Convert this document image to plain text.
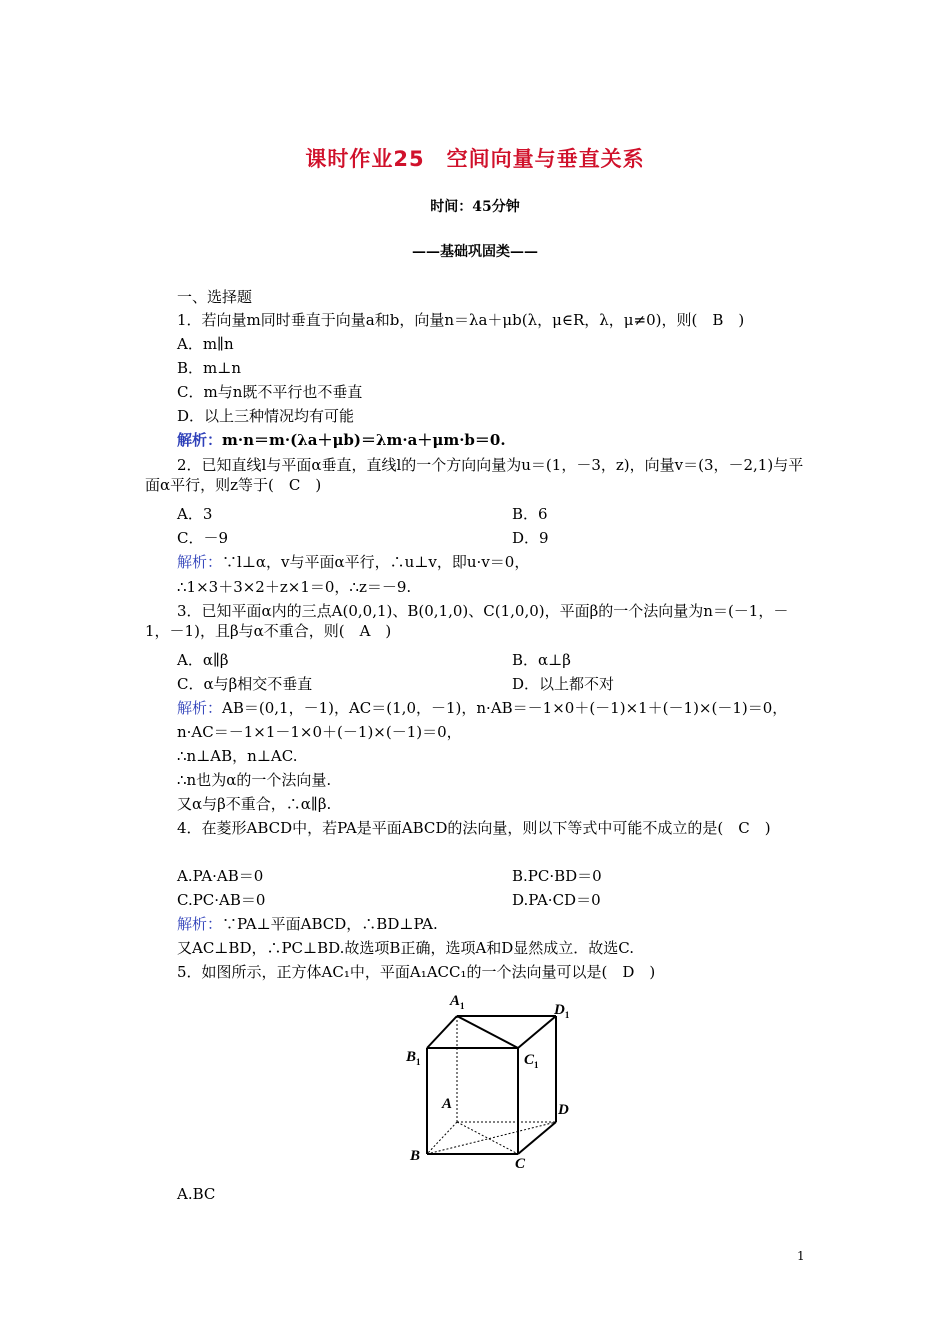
课时作业25　空间向量与垂直关系
时间：45分钟
——基础巩固类——
一、选择题
1．若向量m同时垂直于向量a和b，向量n＝λa＋μb(λ，μ∈R，λ，μ≠0)，则(　B　)
A．m∥n
B．m⊥n
C．m与n既不平行也不垂直
D．以上三种情况均有可能
解析：m·n＝m·(λa＋μb)＝λm·a＋μm·b＝0.
2．已知直线l与平面α垂直，直线l的一个方向向量为u＝(1，－3，z)，向量v＝(3，－2,1)与平面α平行，则z等于(　C　)
A．3	B．6
C．－9	D．9
解析：∵l⊥α，v与平面α平行，∴u⊥v，即u·v＝0，
∴1×3＋3×2＋z×1＝0，∴z＝－9.
3．已知平面α内的三点A(0,0,1)、B(0,1,0)、C(1,0,0)，平面β的一个法向量为n＝(－1，－1，－1)，且β与α不重合，则(　A　)
A．α∥β	B．α⊥β
C．α与β相交不垂直	D．以上都不对
解析：AB＝(0,1，－1)，AC＝(1,0，－1)，n·AB＝－1×0＋(－1)×1＋(－1)×(－1)＝0，
n·AC＝－1×1－1×0＋(－1)×(－1)＝0，
∴n⊥AB，n⊥AC.
∴n也为α的一个法向量.
又α与β不重合，∴α∥β.
4．在菱形ABCD中，若PA是平面ABCD的法向量，则以下等式中可能不成立的是(　C　)
A.PA·AB＝0	B.PC·BD＝0
C.PC·AB＝0	D.PA·CD＝0
解析：∵PA⊥平面ABCD，∴BD⊥PA.
又AC⊥BD，∴PC⊥BD.故选项B正确，选项A和D显然成立．故选C.
5．如图所示，正方体AC₁中，平面A₁ACC₁的一个法向量可以是(　D　)
$A_1$	$D_1$
$B_1$	$C_1$
A	D
B	C
A.BC
1
